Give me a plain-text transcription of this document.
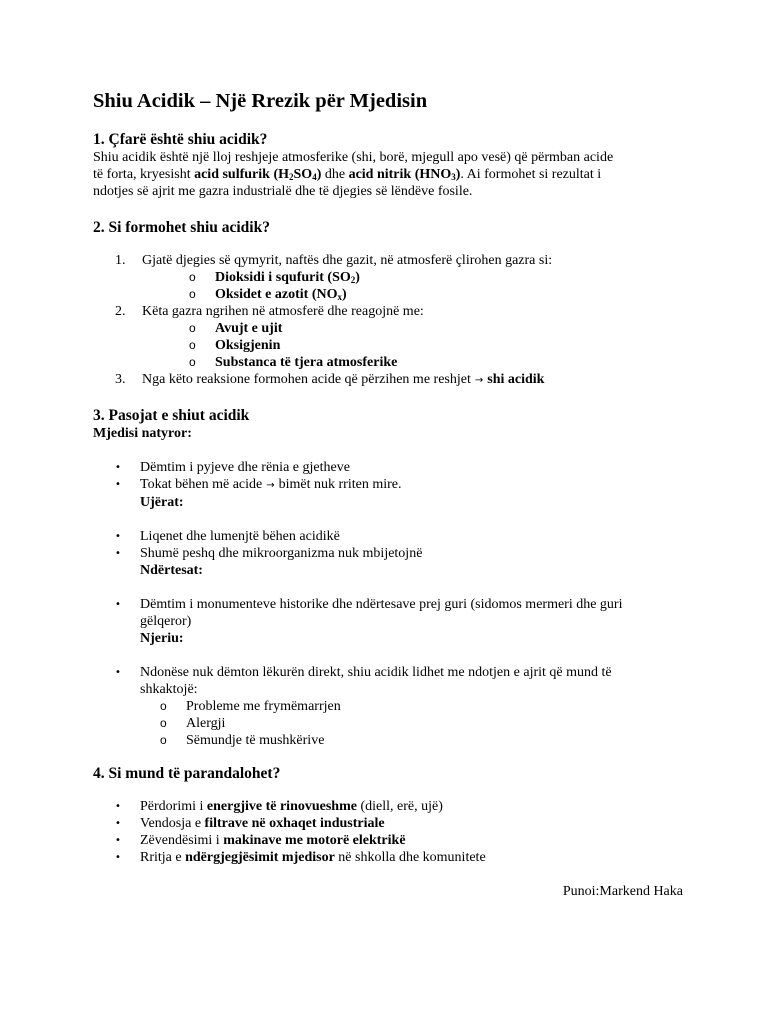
Shiu Acidik – Një Rrezik për Mjedisin
1. Çfarë është shiu acidik?

Shiu acidik është një lloj reshjeje atmosferike (shi, borë, mjegull apo vesë) që përmban acide
të forta, kryesisht acid sulfurik $(H_2SO_4)$ dhe acid nitrik $(HNO_3)$. Ai formohet si rezultat i
ndotjes së ajrit me gazra industrialë dhe të djegies së lëndëve fosile.

2. Si formohet shiu acidik?
1. Gjatë djegies së qymyrit, naftës dhe gazit, në atmosferë çlirohen gazra si:
o Dioksidi i squfurit $(SO_2)$
o Oksidet e azotit $(NO_x)$
2. Këta gazra ngrihen në atmosferë dhe reagojnë me:
o Avujt e ujit
o Oksigjenin
o Substanca të tjera atmosferike
3. Nga këto reaksione formohen acide që përzihen me reshjet → shi acidik
3. Pasojat e shiut acidik

Mjedisi natyror:

• Dëmtim i pyjeve dhe rënia e gjetheve
• Tokat bëhen më acide → bimët nuk rriten mire.
Ujërat:
• Liqenet dhe lumenjtë bëhen acidikë
• Shumë peshq dhe mikroorganizma nuk mbijetojnë
Ndërtesat:
• Dëmtim i monumenteve historike dhe ndërtesave prej guri (sidomos mermeri dhe guri
gëlqeror)
Njeriu:
• Ndonëse nuk dëmton lëkurën direkt, shiu acidik lidhet me ndotjen e ajrit që mund të
shkaktojë:
o Probleme me frymëmarrjen
o Alergji
o Sëmundje të mushkërive
4. Si mund të parandalohet?
• Përdorimi i energjive të rinovueshme (diell, erë, ujë)
• Vendosja e filtrave në oxhaqet industriale
• Zëvendësimi i makinave me motorë elektrikë
• Rritja e ndërgjegjësimit mjedisor në shkolla dhe komunitete
Punoi:Markend Haka
